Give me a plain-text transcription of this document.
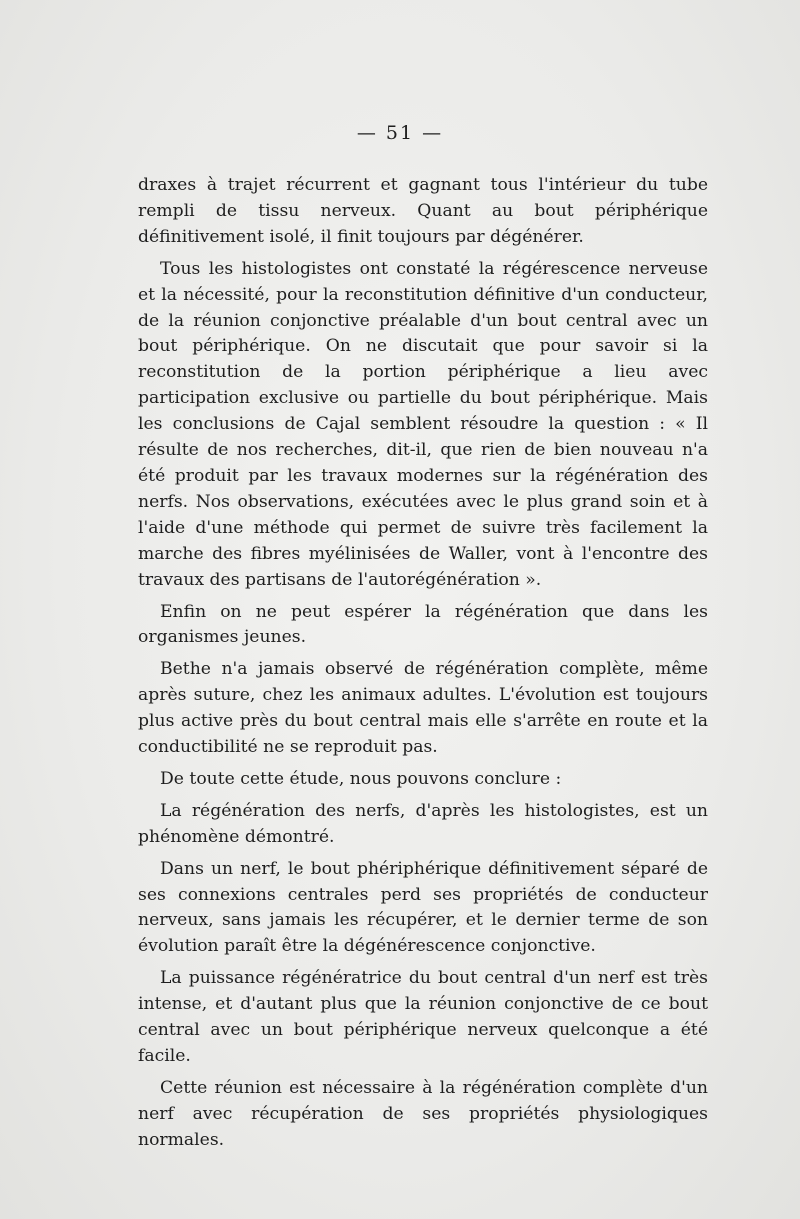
— 51 —

draxes à trajet récurrent et gagnant tous l'intérieur du tube rempli de tissu nerveux. Quant au bout périphérique définitivement isolé, il finit toujours par dégénérer.

Tous les histologistes ont constaté la régérescence nerveuse et la nécessité, pour la reconstitution définitive d'un conducteur, de la réunion conjonctive préalable d'un bout central avec un bout périphérique. On ne discutait que pour savoir si la reconstitution de la portion périphérique a lieu avec participation exclusive ou partielle du bout périphérique. Mais les conclusions de Cajal semblent résoudre la question : « Il résulte de nos recherches, dit-il, que rien de bien nouveau n'a été produit par les travaux modernes sur la régénération des nerfs. Nos observations, exécutées avec le plus grand soin et à l'aide d'une méthode qui permet de suivre très facilement la marche des fibres myélinisées de Waller, vont à l'encontre des travaux des partisans de l'autorégénération ».

Enfin on ne peut espérer la régénération que dans les organismes jeunes.

Bethe n'a jamais observé de régénération complète, même après suture, chez les animaux adultes. L'évolution est toujours plus active près du bout central mais elle s'arrête en route et la conductibilité ne se reproduit pas.

De toute cette étude, nous pouvons conclure :

La régénération des nerfs, d'après les histologistes, est un phénomène démontré.

Dans un nerf, le bout phériphérique définitivement séparé de ses connexions centrales perd ses propriétés de conducteur nerveux, sans jamais les récupérer, et le dernier terme de son évolution paraît être la dégénérescence conjonctive.

La puissance régénératrice du bout central d'un nerf est très intense, et d'autant plus que la réunion conjonctive de ce bout central avec un bout périphérique nerveux quelconque a été facile.

Cette réunion est nécessaire à la régénération complète d'un nerf avec récupération de ses propriétés physiologiques normales.
